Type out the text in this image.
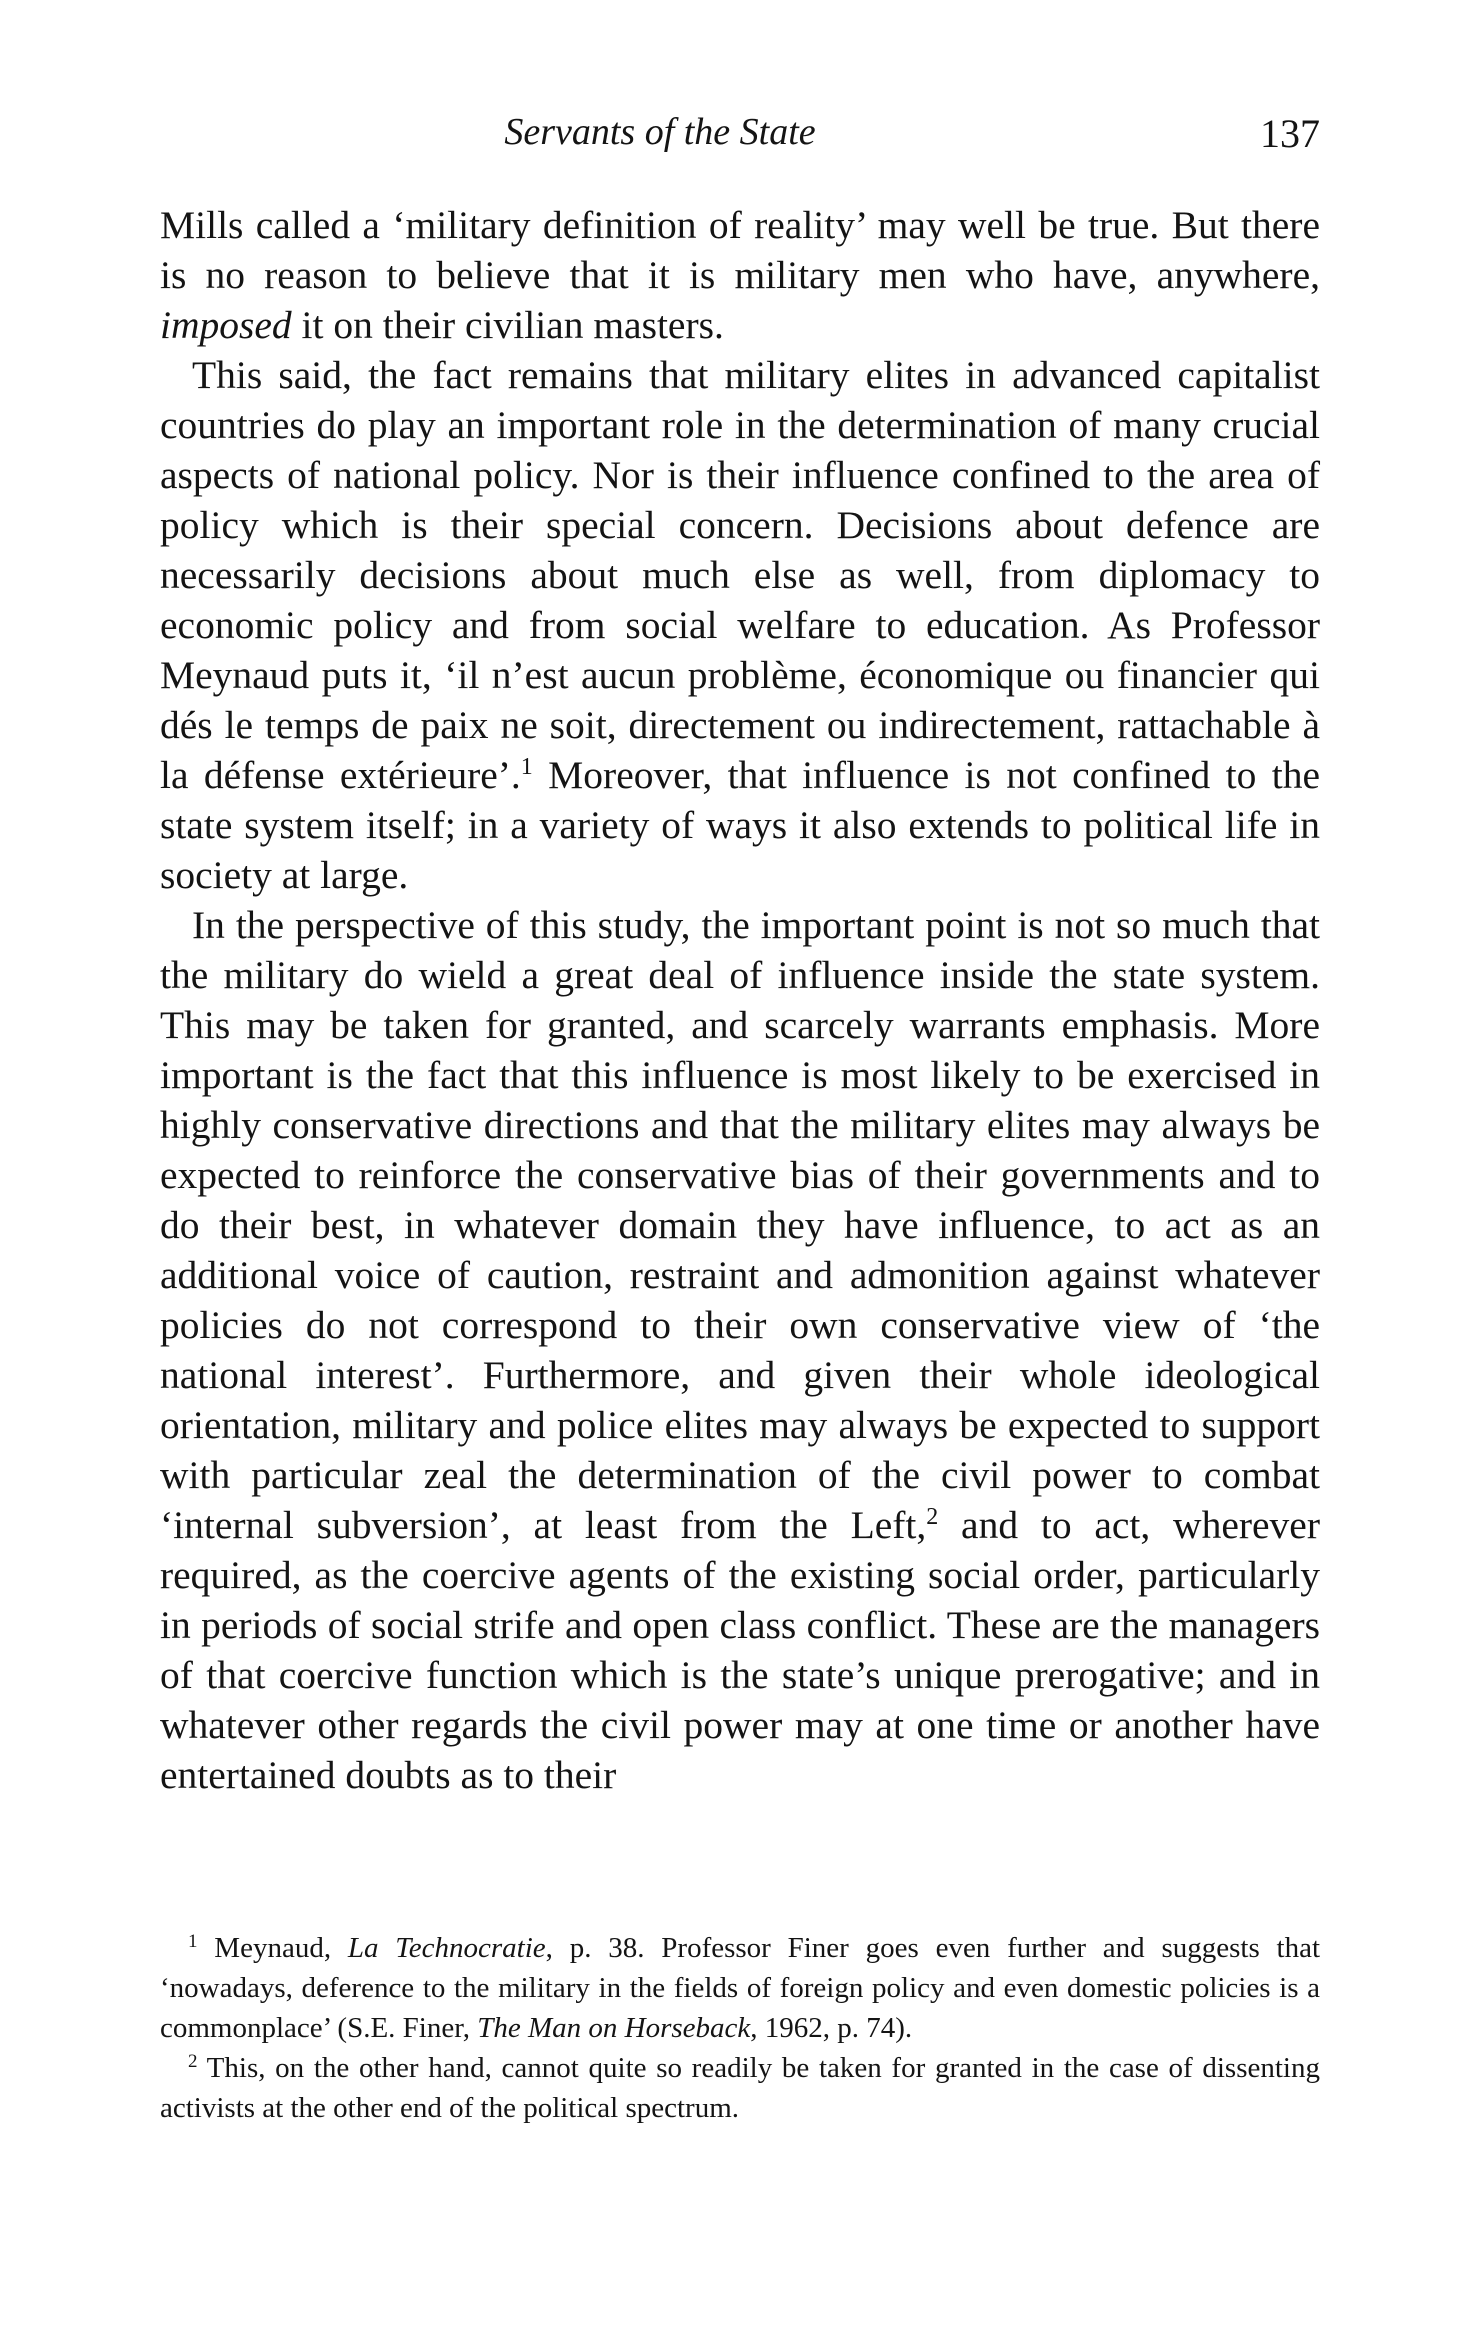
Servants of the State	137

Mills called a ‘military definition of reality’ may well be true. But there is no reason to believe that it is military men who have, anywhere, imposed it on their civilian masters.

This said, the fact remains that military elites in advanced capitalist countries do play an important role in the determination of many crucial aspects of national policy. Nor is their influence confined to the area of policy which is their special concern. Decisions about defence are necessarily decisions about much else as well, from diplomacy to economic policy and from social welfare to education. As Professor Meynaud puts it, ‘il n’est aucun problème, économique ou financier qui dés le temps de paix ne soit, directement ou indirectement, rattachable à la défense extérieure’.$^1$ Moreover, that influence is not confined to the state system itself; in a variety of ways it also extends to political life in society at large.

In the perspective of this study, the important point is not so much that the military do wield a great deal of influence inside the state system. This may be taken for granted, and scarcely warrants emphasis. More important is the fact that this influence is most likely to be exercised in highly conservative directions and that the military elites may always be expected to reinforce the conservative bias of their governments and to do their best, in whatever domain they have influence, to act as an additional voice of caution, restraint and admonition against whatever policies do not correspond to their own conservative view of ‘the national interest’. Furthermore, and given their whole ideological orientation, military and police elites may always be expected to support with particular zeal the determination of the civil power to combat ‘internal subversion’, at least from the Left,$^2$ and to act, wherever required, as the coercive agents of the existing social order, particularly in periods of social strife and open class conflict. These are the managers of that coercive function which is the state’s unique prerogative; and in whatever other regards the civil power may at one time or another have entertained doubts as to their

$^1$ Meynaud, La Technocratie, p. 38. Professor Finer goes even further and suggests that ‘nowadays, deference to the military in the fields of foreign policy and even domestic policies is a commonplace’ (S.E. Finer, The Man on Horseback, 1962, p. 74).

$^2$ This, on the other hand, cannot quite so readily be taken for granted in the case of dissenting activists at the other end of the political spectrum.
